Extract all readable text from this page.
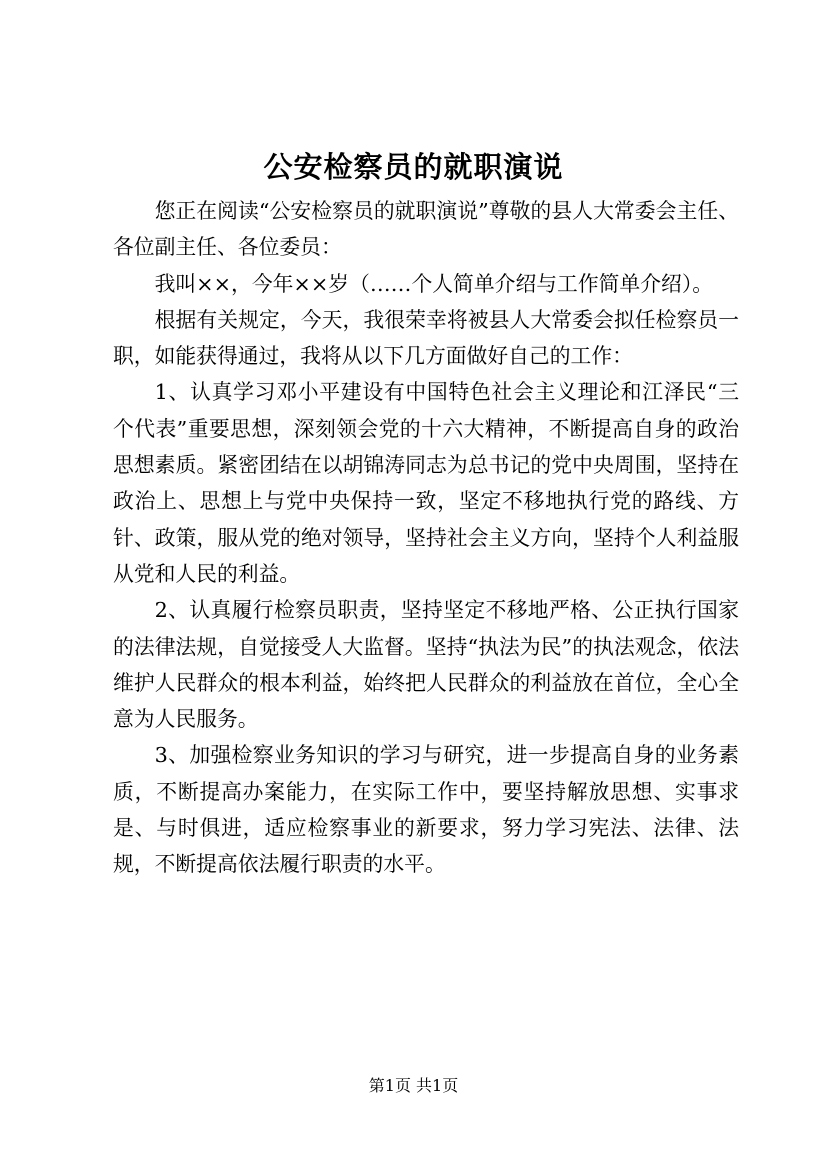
公安检察员的就职演说

您正在阅读“公安检察员的就职演说”尊敬的县人大常委会主任、各位副主任、各位委员：

我叫××，今年××岁（……个人简单介绍与工作简单介绍）。

根据有关规定，今天，我很荣幸将被县人大常委会拟任检察员一职，如能获得通过，我将从以下几方面做好自己的工作：

1、认真学习邓小平建设有中国特色社会主义理论和江泽民“三个代表”重要思想，深刻领会党的十六大精神，不断提高自身的政治思想素质。紧密团结在以胡锦涛同志为总书记的党中央周围，坚持在政治上、思想上与党中央保持一致，坚定不移地执行党的路线、方针、政策，服从党的绝对领导，坚持社会主义方向，坚持个人利益服从党和人民的利益。

2、认真履行检察员职责，坚持坚定不移地严格、公正执行国家的法律法规，自觉接受人大监督。坚持“执法为民”的执法观念，依法维护人民群众的根本利益，始终把人民群众的利益放在首位，全心全意为人民服务。

3、加强检察业务知识的学习与研究，进一步提高自身的业务素质，不断提高办案能力，在实际工作中，要坚持解放思想、实事求是、与时俱进，适应检察事业的新要求，努力学习宪法、法律、法规，不断提高依法履行职责的水平。

第1页 共1页
